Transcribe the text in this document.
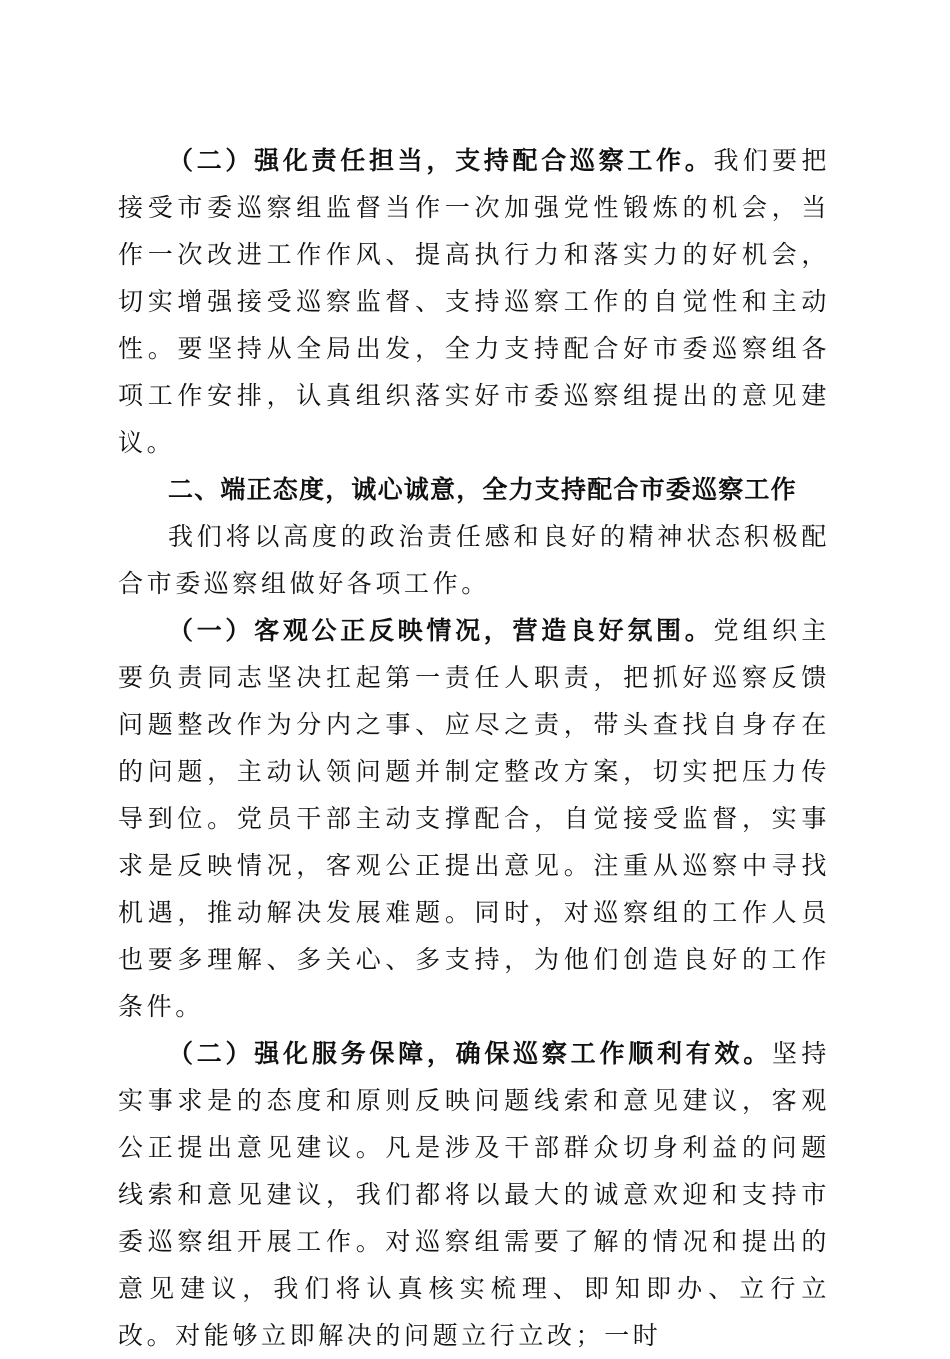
（二）强化责任担当，支持配合巡察工作。我们要把接受市委巡察组监督当作一次加强党性锻炼的机会，当作一次改进工作作风、提高执行力和落实力的好机会，切实增强接受巡察监督、支持巡察工作的自觉性和主动性。要坚持从全局出发，全力支持配合好市委巡察组各项工作安排，认真组织落实好市委巡察组提出的意见建议。

二、端正态度，诚心诚意，全力支持配合市委巡察工作

我们将以高度的政治责任感和良好的精神状态积极配合市委巡察组做好各项工作。

（一）客观公正反映情况，营造良好氛围。党组织主要负责同志坚决扛起第一责任人职责，把抓好巡察反馈问题整改作为分内之事、应尽之责，带头查找自身存在的问题，主动认领问题并制定整改方案，切实把压力传导到位。党员干部主动支撑配合，自觉接受监督，实事求是反映情况，客观公正提出意见。注重从巡察中寻找机遇，推动解决发展难题。同时，对巡察组的工作人员也要多理解、多关心、多支持，为他们创造良好的工作条件。

（二）强化服务保障，确保巡察工作顺利有效。坚持实事求是的态度和原则反映问题线索和意见建议，客观公正提出意见建议。凡是涉及干部群众切身利益的问题线索和意见建议，我们都将以最大的诚意欢迎和支持市委巡察组开展工作。对巡察组需要了解的情况和提出的意见建议，我们将认真核实梳理、即知即办、立行立改。对能够立即解决的问题立行立改；一时
